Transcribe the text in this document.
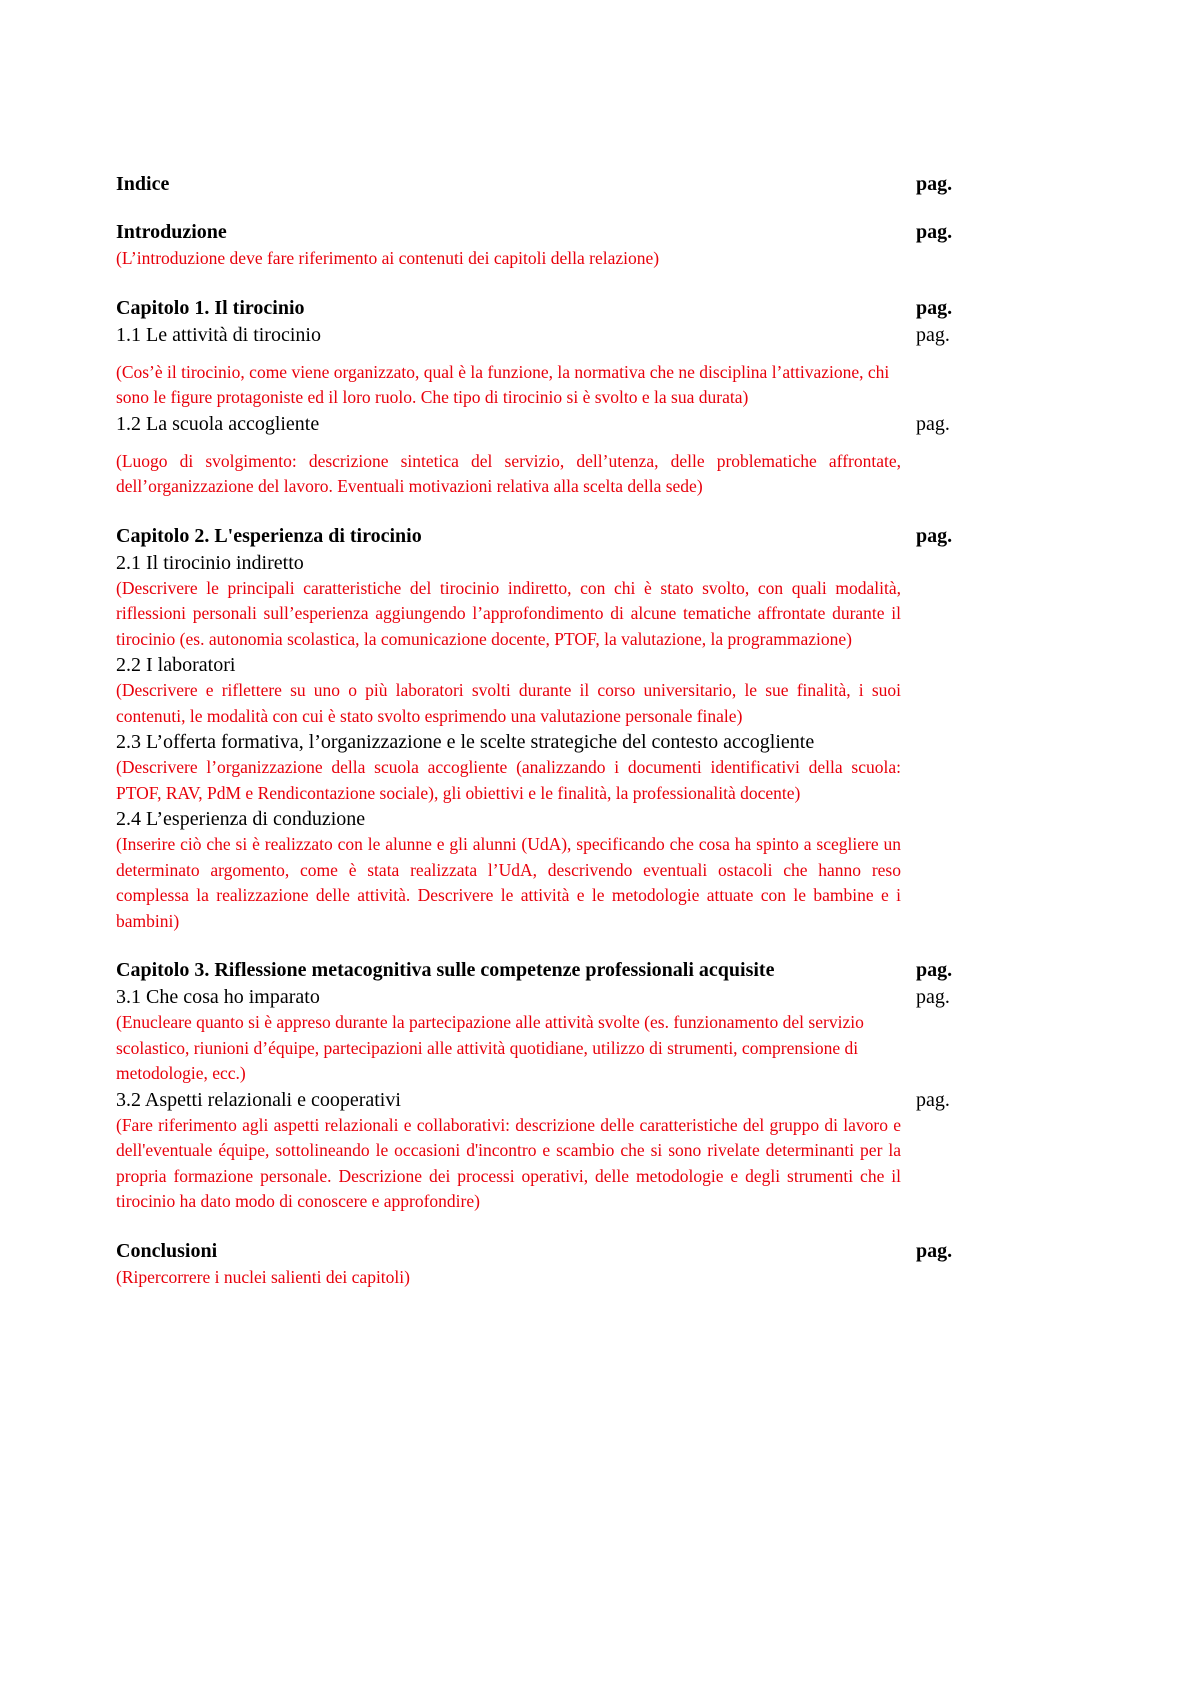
Indice	pag.
Introduzione	pag.
(L’introduzione deve fare riferimento ai contenuti dei capitoli della relazione)
Capitolo 1. Il tirocinio	pag.
1.1 Le attività di tirocinio	pag.
(Cos’è il tirocinio, come viene organizzato, qual è la funzione, la normativa che ne disciplina l’attivazione, chi sono le figure protagoniste ed il loro ruolo. Che tipo di tirocinio si è svolto e la sua durata)
1.2 La scuola accogliente	pag.
(Luogo di svolgimento: descrizione sintetica del servizio, dell’utenza, delle problematiche affrontate, dell’organizzazione del lavoro. Eventuali motivazioni relativa alla scelta della sede)
Capitolo 2. L'esperienza di tirocinio	pag.
2.1 Il tirocinio indiretto
(Descrivere le principali caratteristiche del tirocinio indiretto, con chi è stato svolto, con quali modalità, riflessioni personali sull’esperienza aggiungendo l’approfondimento di alcune tematiche affrontate durante il tirocinio (es. autonomia scolastica, la comunicazione docente, PTOF, la valutazione, la programmazione)
2.2 I laboratori
(Descrivere e riflettere su uno o più laboratori svolti durante il corso universitario, le sue finalità, i suoi contenuti, le modalità con cui è stato svolto esprimendo una valutazione personale finale)
2.3 L’offerta formativa, l’organizzazione e le scelte strategiche del contesto accogliente
(Descrivere l’organizzazione della scuola accogliente (analizzando i documenti identificativi della scuola: PTOF, RAV, PdM e Rendicontazione sociale), gli obiettivi e le finalità, la professionalità docente)
2.4 L’esperienza di conduzione
(Inserire ciò che si è realizzato con le alunne e gli alunni (UdA), specificando che cosa ha spinto a scegliere un determinato argomento, come è stata realizzata l’UdA, descrivendo eventuali ostacoli che hanno reso complessa la realizzazione delle attività. Descrivere le attività e le metodologie attuate con le bambine e i bambini)
Capitolo 3. Riflessione metacognitiva sulle competenze professionali acquisite	pag.
3.1 Che cosa ho imparato	pag.
(Enucleare quanto si è appreso durante la partecipazione alle attività svolte (es. funzionamento del servizio scolastico, riunioni d’équipe, partecipazioni alle attività quotidiane, utilizzo di strumenti, comprensione di metodologie, ecc.)
3.2 Aspetti relazionali e cooperativi	pag.
(Fare riferimento agli aspetti relazionali e collaborativi: descrizione delle caratteristiche del gruppo di lavoro e dell'eventuale équipe, sottolineando le occasioni d'incontro e scambio che si sono rivelate determinanti per la propria formazione personale. Descrizione dei processi operativi, delle metodologie e degli strumenti che il tirocinio ha dato modo di conoscere e approfondire)
Conclusioni	pag.
(Ripercorrere i nuclei salienti dei capitoli)
